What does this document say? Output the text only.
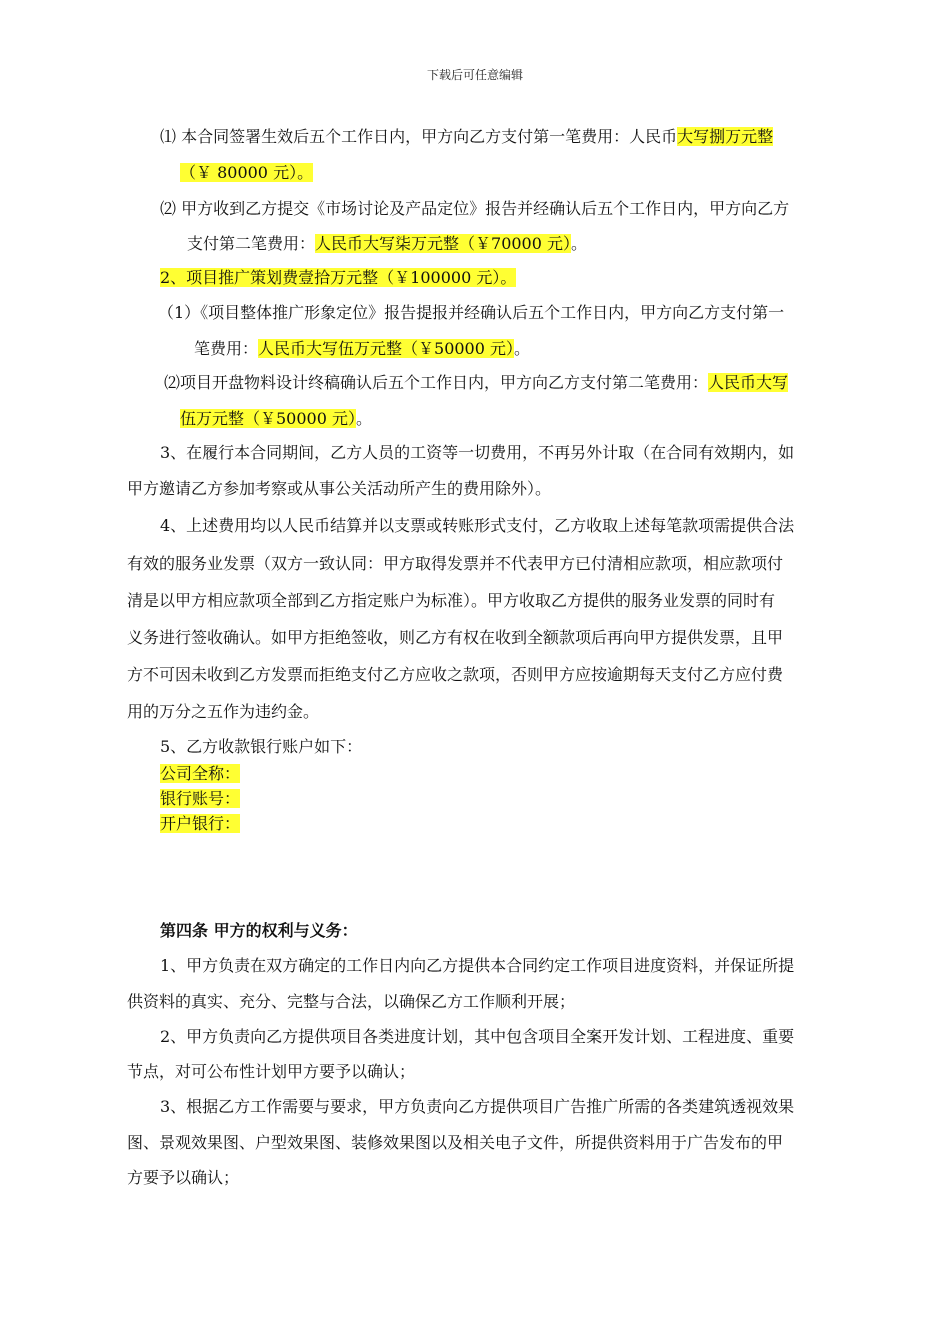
下载后可任意编辑
⑴ 本合同签署生效后五个工作日内，甲方向乙方支付第一笔费用：人民币大写捌万元整
（￥ 80000 元）。
⑵ 甲方收到乙方提交《市场讨论及产品定位》报告并经确认后五个工作日内，甲方向乙方
支付第二笔费用：人民币大写柒万元整（￥70000 元）。
2、项目推广策划费壹拾万元整（￥100000 元）。
（1）《项目整体推广形象定位》报告提报并经确认后五个工作日内，甲方向乙方支付第一
笔费用：人民币大写伍万元整（￥50000 元）。
⑵项目开盘物料设计终稿确认后五个工作日内，甲方向乙方支付第二笔费用：人民币大写
伍万元整（￥50000 元）。
3、在履行本合同期间，乙方人员的工资等一切费用，不再另外计取（在合同有效期内，如
甲方邀请乙方参加考察或从事公关活动所产生的费用除外）。
4、上述费用均以人民币结算并以支票或转账形式支付，乙方收取上述每笔款项需提供合法
有效的服务业发票（双方一致认同：甲方取得发票并不代表甲方已付清相应款项，相应款项付
清是以甲方相应款项全部到乙方指定账户为标准）。甲方收取乙方提供的服务业发票的同时有
义务进行签收确认。如甲方拒绝签收，则乙方有权在收到全额款项后再向甲方提供发票，且甲
方不可因未收到乙方发票而拒绝支付乙方应收之款项，否则甲方应按逾期每天支付乙方应付费
用的万分之五作为违约金。
5、乙方收款银行账户如下：
公司全称：
银行账号：
开户银行：
第四条 甲方的权利与义务：
1、甲方负责在双方确定的工作日内向乙方提供本合同约定工作项目进度资料，并保证所提
供资料的真实、充分、完整与合法，以确保乙方工作顺利开展；
2、甲方负责向乙方提供项目各类进度计划，其中包含项目全案开发计划、工程进度、重要
节点，对可公布性计划甲方要予以确认；
3、根据乙方工作需要与要求，甲方负责向乙方提供项目广告推广所需的各类建筑透视效果
图、景观效果图、户型效果图、装修效果图以及相关电子文件，所提供资料用于广告发布的甲
方要予以确认；
